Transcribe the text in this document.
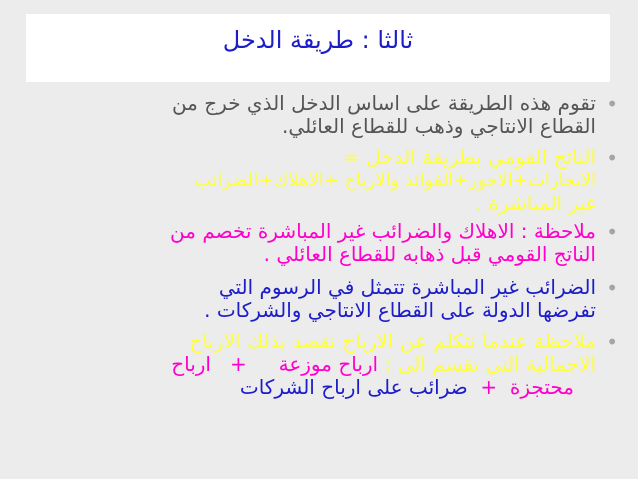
ثالثا : طريقة الدخل
•
تقوم هذه الطريقة على اساس الدخل الذي خرج من
القطاع الانتاجي وذهب للقطاع العائلي.
•
الناتج القومي بطريقة الدخل =
الايجارات+الاجور+الفوائد والارباح +الاهلاك+الضرائب
غير المباشرة .
•
ملاحظة : الاهلاك والضرائب غير المباشرة تخصم من
الناتج القومي قبل ذهابه للقطاع العائلي .
•
الضرائب غير المباشرة تتمثل في الرسوم التي
تفرضها الدولة على القطاع الانتاجي والشركات .
•
ملاحظة عندما نتكلم عن الارباح نقصد بذلك الارباح
الاجمالية التي تقسم الى : ارباح موزعة     +   ارباح
محتجزة  +  ضرائب على ارباح الشركات
